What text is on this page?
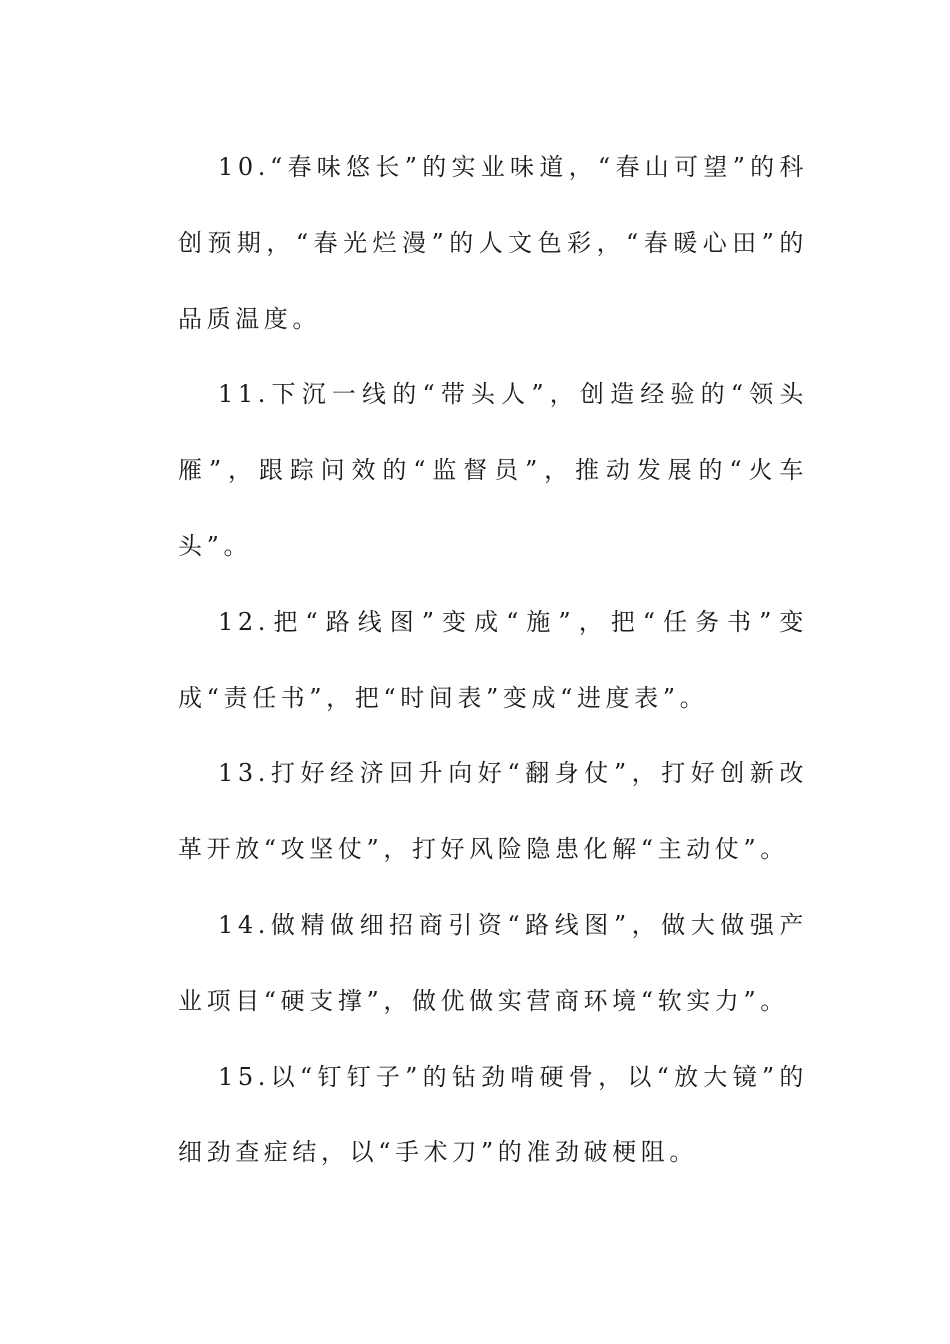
10.“春味悠长”的实业味道，“春山可望”的科创预期，“春光烂漫”的人文色彩，“春暖心田”的品质温度。

11.下沉一线的“带头人”，创造经验的“领头雁”，跟踪问效的“监督员”，推动发展的“火车头”。

12.把“路线图”变成“施”，把“任务书”变成“责任书”，把“时间表”变成“进度表”。

13.打好经济回升向好“翻身仗”，打好创新改革开放“攻坚仗”，打好风险隐患化解“主动仗”。

14.做精做细招商引资“路线图”，做大做强产业项目“硬支撑”，做优做实营商环境“软实力”。

15.以“钉钉子”的钻劲啃硬骨，以“放大镜”的细劲查症结，以“手术刀”的准劲破梗阻。
